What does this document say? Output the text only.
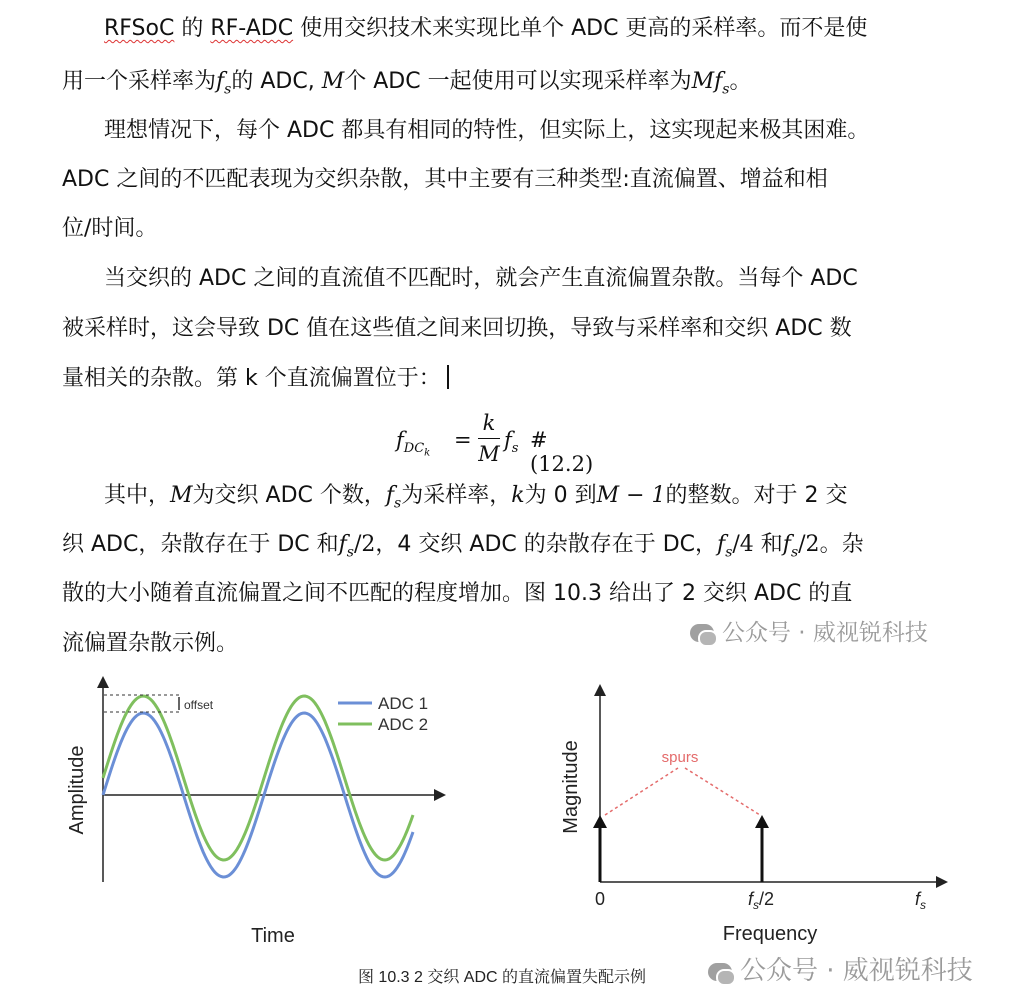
RFSoC 的 RF-ADC 使用交织技术来实现比单个 ADC 更高的采样率。而不是使
用一个采样率为$f_s$的 ADC, M个 ADC 一起使用可以实现采样率为$Mf_s$。
理想情况下，每个 ADC 都具有相同的特性，但实际上，这实现起来极其困难。
ADC 之间的不匹配表现为交织杂散，其中主要有三种类型:直流偏置、增益和相
位/时间。
当交织的 ADC 之间的直流值不匹配时，就会产生直流偏置杂散。当每个 ADC
被采样时，这会导致 DC 值在这些值之间来回切换，导致与采样率和交织 ADC 数
量相关的杂散。第 k 个直流偏置位于：
$f_{DC_k}$
=
k
M
$f_s$ #(12.2)
其中，M为交织 ADC 个数，$f_s$为采样率，k为 0 到M − 1的整数。对于 2 交
织 ADC，杂散存在于 DC 和$f_s/2$，4 交织 ADC 的杂散存在于 DC，$f_s/4$ 和$f_s/2$。杂
散的大小随着直流偏置之间不匹配的程度增加。图 10.3 给出了 2 交织 ADC 的直
流偏置杂散示例。	公众号 · 威视锐科技
公众号 · 威视锐科技
offset	ADC 1
ADC 2
Amplitude
Time
spurs
0	$f_s/2$	$f_s$
Magnitude
Frequency
图 10.3 2 交织 ADC 的直流偏置失配示例
